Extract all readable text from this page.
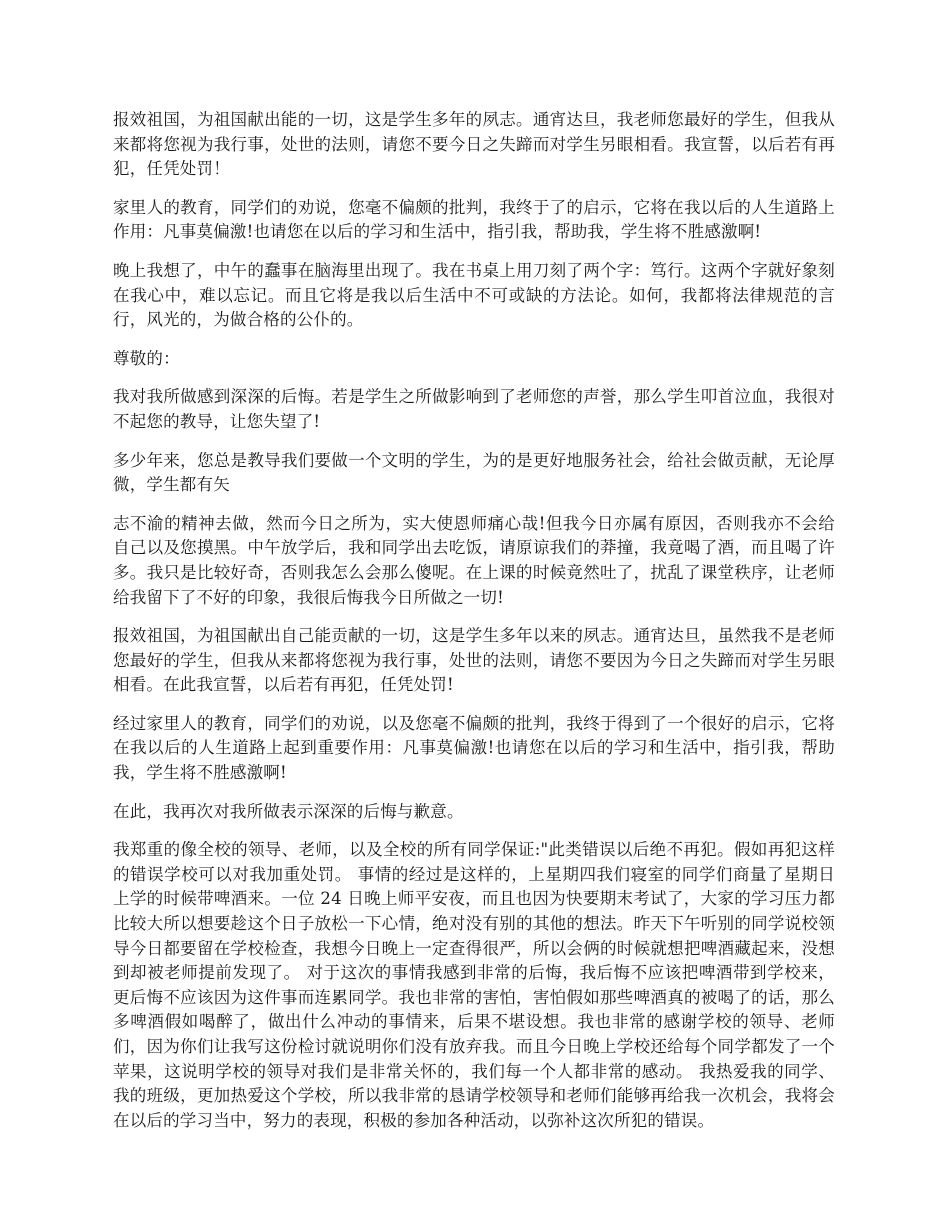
报效祖国，为祖国献出能的一切，这是学生多年的夙志。通宵达旦，我老师您最好的学生，但我从来都将您视为我行事，处世的法则，请您不要今日之失蹄而对学生另眼相看。我宣誓，以后若有再犯，任凭处罚！

家里人的教育，同学们的劝说，您毫不偏颇的批判，我终于了的启示，它将在我以后的人生道路上作用：凡事莫偏激!也请您在以后的学习和生活中，指引我，帮助我，学生将不胜感激啊!

晚上我想了，中午的蠢事在脑海里出现了。我在书桌上用刀刻了两个字：笃行。这两个字就好象刻在我心中，难以忘记。而且它将是我以后生活中不可或缺的方法论。如何，我都将法律规范的言行，风光的，为做合格的公仆的。

尊敬的：

我对我所做感到深深的后悔。若是学生之所做影响到了老师您的声誉，那么学生叩首泣血，我很对不起您的教导，让您失望了!

多少年来，您总是教导我们要做一个文明的学生，为的是更好地服务社会，给社会做贡献，无论厚微，学生都有矢

志不渝的精神去做，然而今日之所为，实大使恩师痛心哉!但我今日亦属有原因，否则我亦不会给自己以及您摸黑。中午放学后，我和同学出去吃饭，请原谅我们的莽撞，我竟喝了酒，而且喝了许多。我只是比较好奇，否则我怎么会那么傻呢。在上课的时候竟然吐了，扰乱了课堂秩序，让老师给我留下了不好的印象，我很后悔我今日所做之一切!

报效祖国，为祖国献出自己能贡献的一切，这是学生多年以来的夙志。通宵达旦，虽然我不是老师您最好的学生，但我从来都将您视为我行事，处世的法则，请您不要因为今日之失蹄而对学生另眼相看。在此我宣誓，以后若有再犯，任凭处罚!

经过家里人的教育，同学们的劝说，以及您毫不偏颇的批判，我终于得到了一个很好的启示，它将在我以后的人生道路上起到重要作用：凡事莫偏激!也请您在以后的学习和生活中，指引我，帮助我，学生将不胜感激啊!

在此，我再次对我所做表示深深的后悔与歉意。

我郑重的像全校的领导、老师，以及全校的所有同学保证:"此类错误以后绝不再犯。假如再犯这样的错误学校可以对我加重处罚。 事情的经过是这样的，上星期四我们寝室的同学们商量了星期日上学的时候带啤酒来。一位 24 日晚上师平安夜，而且也因为快要期末考试了，大家的学习压力都比较大所以想要趁这个日子放松一下心情，绝对没有别的其他的想法。昨天下午听别的同学说校领导今日都要留在学校检查，我想今日晚上一定查得很严，所以会俩的时候就想把啤酒藏起来，没想到却被老师提前发现了。 对于这次的事情我感到非常的后悔，我后悔不应该把啤酒带到学校来，更后悔不应该因为这件事而连累同学。我也非常的害怕，害怕假如那些啤酒真的被喝了的话，那么多啤酒假如喝醉了，做出什么冲动的事情来，后果不堪设想。我也非常的感谢学校的领导、老师们，因为你们让我写这份检讨就说明你们没有放弃我。而且今日晚上学校还给每个同学都发了一个苹果，这说明学校的领导对我们是非常关怀的，我们每一个人都非常的感动。 我热爱我的同学、我的班级，更加热爱这个学校，所以我非常的恳请学校领导和老师们能够再给我一次机会，我将会在以后的学习当中，努力的表现，积极的参加各种活动，以弥补这次所犯的错误。
